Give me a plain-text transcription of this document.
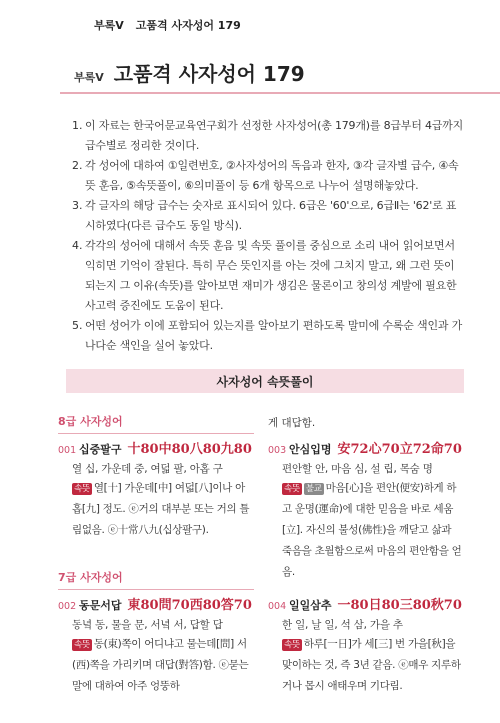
부록V 고품격 사자성어 179
부록V 고품격 사자성어 179
1. 이 자료는 한국어문교육연구회가 선정한 사자성어(총 179개)를 8급부터 4급까지 급수별로 정리한 것이다.
2. 각 성어에 대하여 ①일련번호, ②사자성어의 독음과 한자, ③각 글자별 급수, ④속뜻 훈음, ⑤속뜻풀이, ⑥의미풀이 등 6개 항목으로 나누어 설명해놓았다.
3. 각 글자의 해당 급수는 숫자로 표시되어 있다. 6급은 '60'으로, 6급Ⅱ는 '62'로 표시하였다(다른 급수도 동일 방식).
4. 각각의 성어에 대해서 속뜻 훈음 및 속뜻 풀이를 중심으로 소리 내어 읽어보면서 익히면 기억이 잘된다. 특히 무슨 뜻인지를 아는 것에 그치지 말고, 왜 그런 뜻이 되는지 그 이유(속뜻)를 알아보면 재미가 생김은 물론이고 창의성 계발에 필요한 사고력 증진에도 도움이 된다.
5. 어떤 성어가 이에 포함되어 있는지를 알아보기 편하도록 말미에 수록순 색인과 가나다순 색인을 실어 놓았다.
사자성어 속뜻풀이
8급 사자성어
001 십중팔구 十80中80八80九80
열 십, 가운데 중, 여덟 팔, 아홉 구
속뜻 열[十] 가운데[中] 여덟[八]이나 아홉[九] 정도. ⓔ거의 대부분 또는 거의 틀림없음. ⓔ十常八九(십상팔구).
7급 사자성어
002 동문서답 東80問70西80答70
동녘 동, 물을 문, 서녘 서, 답할 답
속뜻 동(東)쪽이 어디냐고 물는데[問] 서(西)쪽을 가리키며 대답(對答)함. ⓔ묻는 말에 대하여 아주 엉뚱하
게 대답함.
003 안심입명 安72心70立72命70
편안할 안, 마음 심, 설 립, 목숨 명
속뜻 불교 마음[心]을 편안(便安)하게 하고 운명(運命)에 대한 믿음을 바로 세움[立]. 자신의 불성(佛性)을 깨닫고 삶과 죽음을 초월함으로써 마음의 편안함을 얻음.
004 일일삼추 一80日80三80秋70
한 일, 날 일, 석 삼, 가을 추
속뜻 하루[一日]가 세[三] 번 가을[秋]을 맞이하는 것, 즉 3년 같음. ⓔ매우 지루하거나 몹시 애태우며 기다림.
